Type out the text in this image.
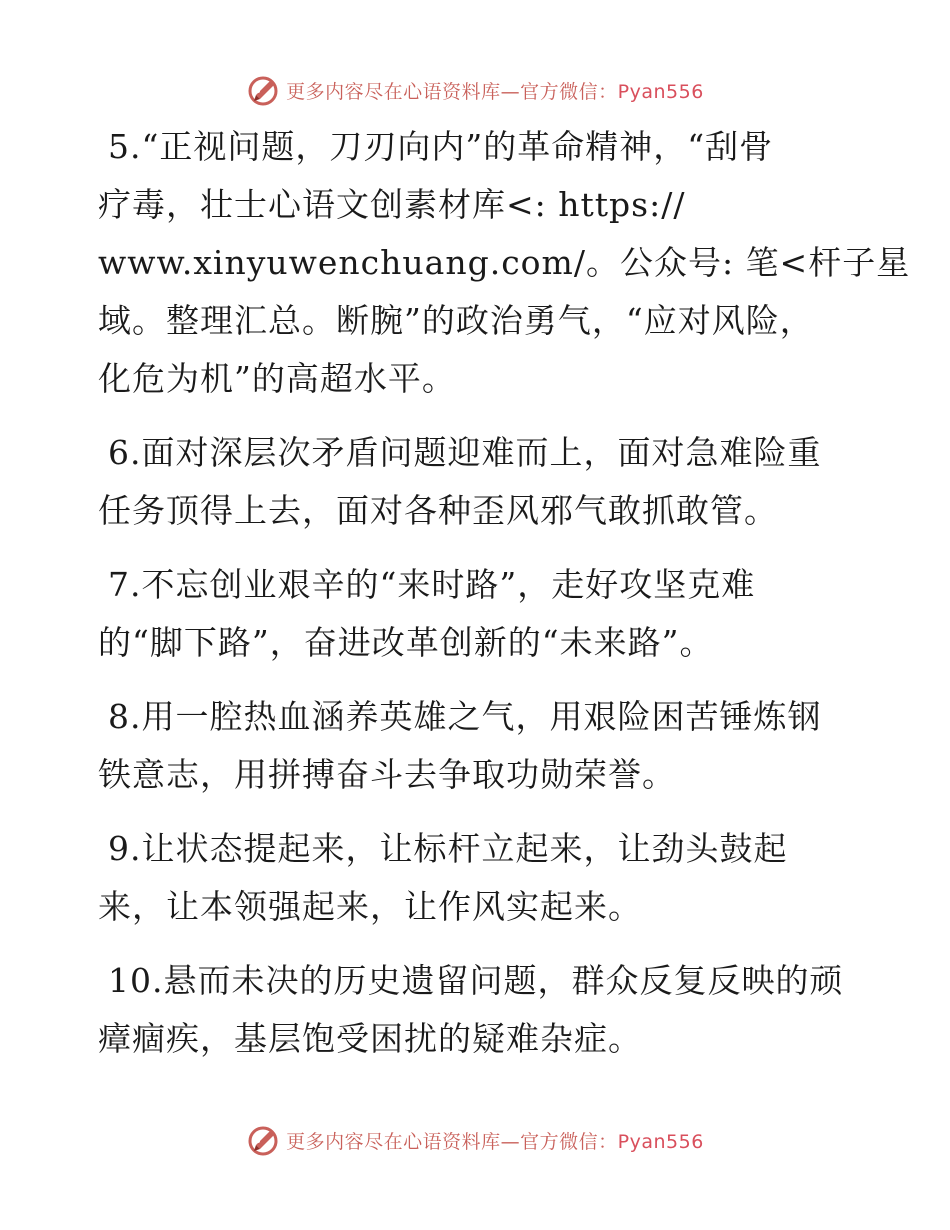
更多内容尽在心语资料库—官方微信：Pyan556

5.“正视问题，刀刃向内”的革命精神，“刮骨
疗毒，壮士心语文创素材库<: https://
www.xinyuwenchuang.com/。公众号: 笔<杆子星
域。整理汇总。断腕”的政治勇气，“应对风险，
化危为机”的高超水平。

6.面对深层次矛盾问题迎难而上，面对急难险重
任务顶得上去，面对各种歪风邪气敢抓敢管。

7.不忘创业艰辛的“来时路”，走好攻坚克难
的“脚下路”，奋进改革创新的“未来路”。

8.用一腔热血涵养英雄之气，用艰险困苦锤炼钢
铁意志，用拼搏奋斗去争取功勋荣誉。

9.让状态提起来，让标杆立起来，让劲头鼓起
来，让本领强起来，让作风实起来。

10.悬而未决的历史遗留问题，群众反复反映的顽
瘴痼疾，基层饱受困扰的疑难杂症。

更多内容尽在心语资料库—官方微信：Pyan556
